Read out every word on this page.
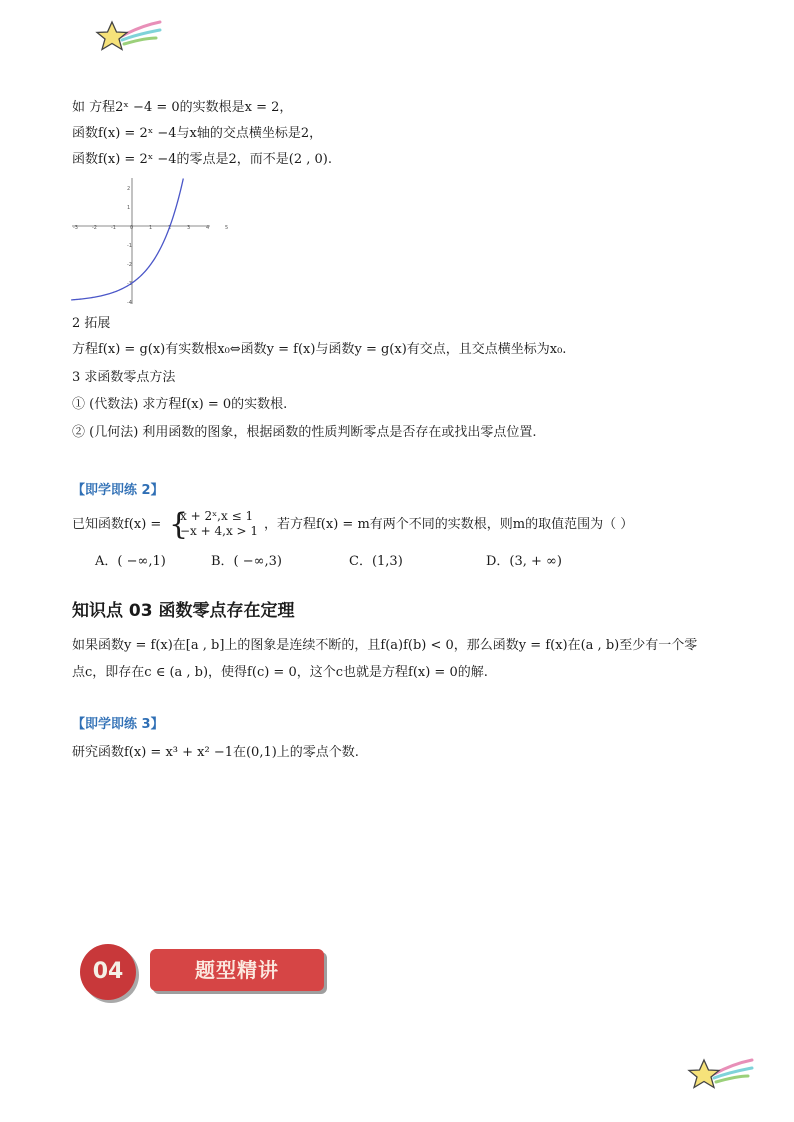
如 方程2ˣ −4 = 0的实数根是x = 2，
函数f(x) = 2ˣ −4与x轴的交点横坐标是2，
函数f(x) = 2ˣ −4的零点是2，而不是(2 , 0).
-3	-2	-1	0	1	2	3	4	5
2
1
-1
-2
-3
-4
2 拓展
方程f(x) = g(x)有实数根x₀⇔函数y = f(x)与函数y = g(x)有交点，且交点横坐标为x₀.
3 求函数零点方法
① (代数法) 求方程f(x) = 0的实数根.
② (几何法) 利用函数的图象，根据函数的性质判断零点是否存在或找出零点位置.
【即学即练 2】
已知函数f(x) = {
x + 2ˣ,x ≤ 1
−x + 4,x > 1 ，若方程f(x) = m有两个不同的实数根，则m的取值范围为（ ）
A．( −∞,1)	B．( −∞,3)	C．(1,3)	D．(3, + ∞)
知识点 03 函数零点存在定理
如果函数y = f(x)在[a , b]上的图象是连续不断的，且f(a)f(b) < 0，那么函数y = f(x)在(a , b)至少有一个零
点c，即存在c ∈ (a , b)，使得f(c) = 0，这个c也就是方程f(x) = 0的解.
【即学即练 3】
研究函数f(x) = x³ + x² −1在(0,1)上的零点个数.
04	题型精讲
